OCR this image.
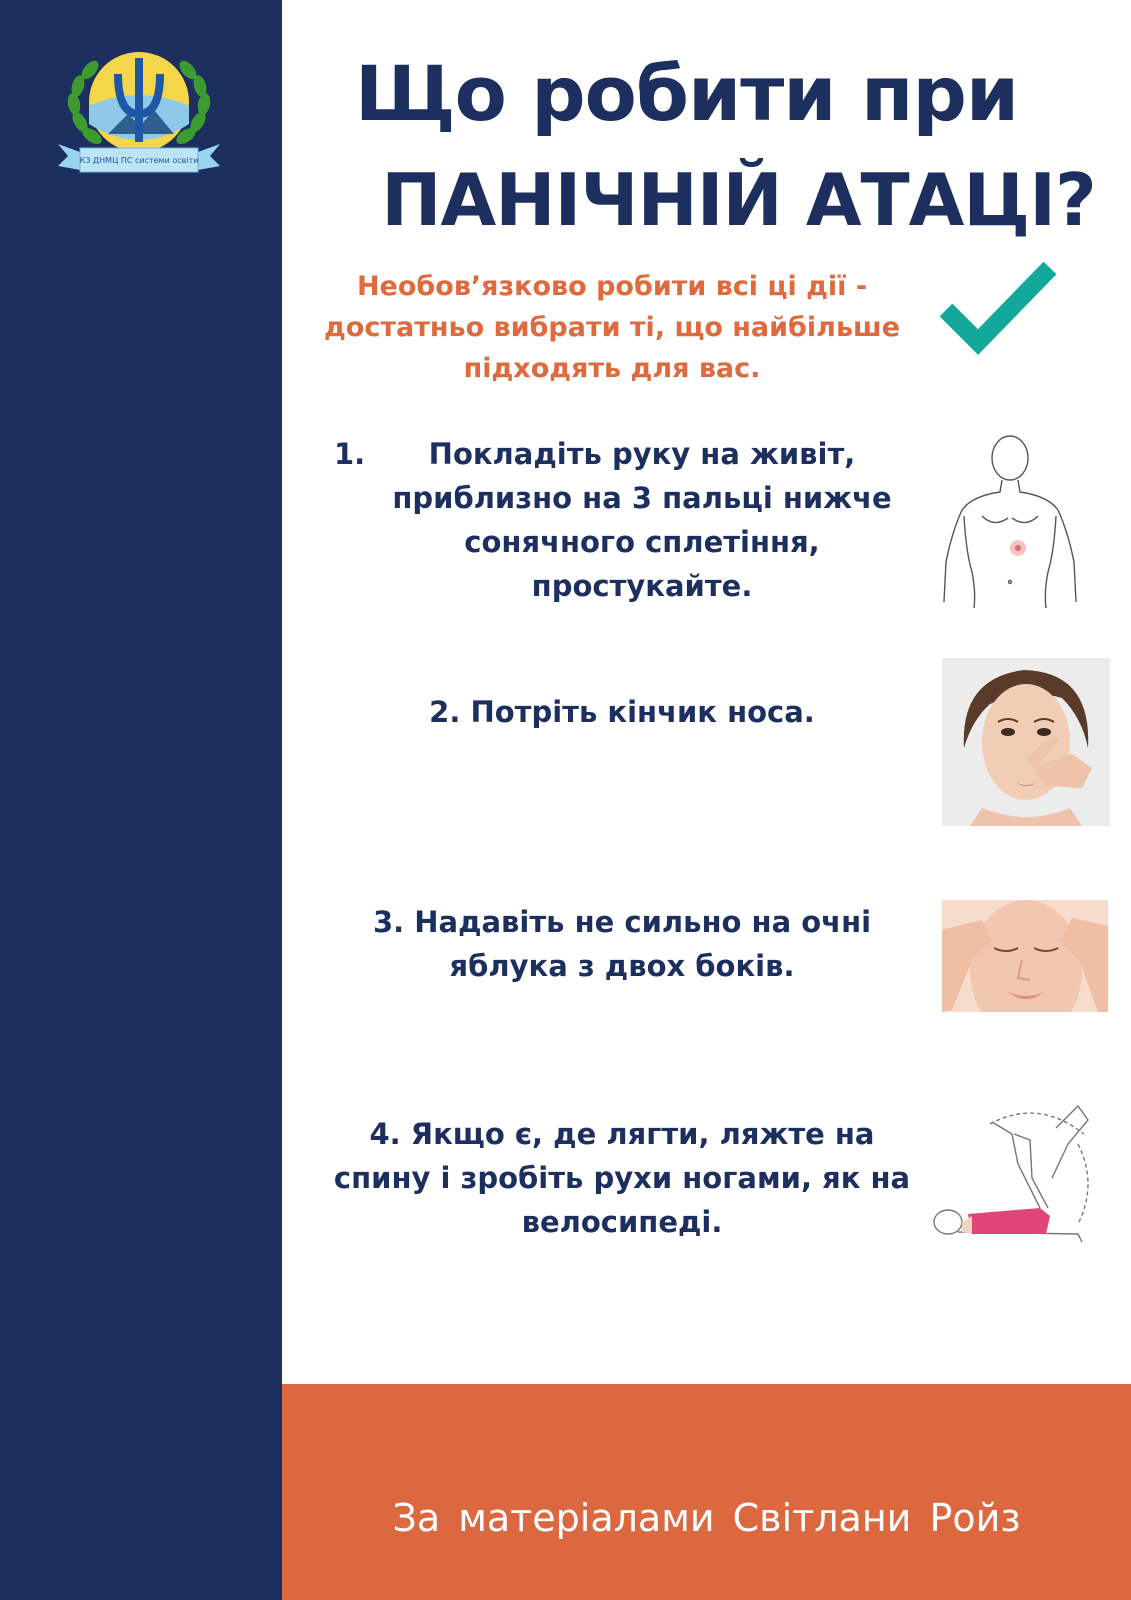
КЗ ДНМЦ ПС системи освіти
Що робити при
ПАНІЧНІЙ АТАЦІ?
Необов’язково робити всі ці дії - достатньо вибрати ті, що найбільше підходять для вас.
1.	Покладіть руку на живіт, приблизно на 3 пальці нижче сонячного сплетіння, простукайте.
2. Потріть кінчик носа.
3. Надавіть не сильно на очні яблука з двох боків.
4. Якщо є, де лягти, ляжте на спину і зробіть рухи ногами, як на велосипеді.
За матеріалами Світлани Ройз
